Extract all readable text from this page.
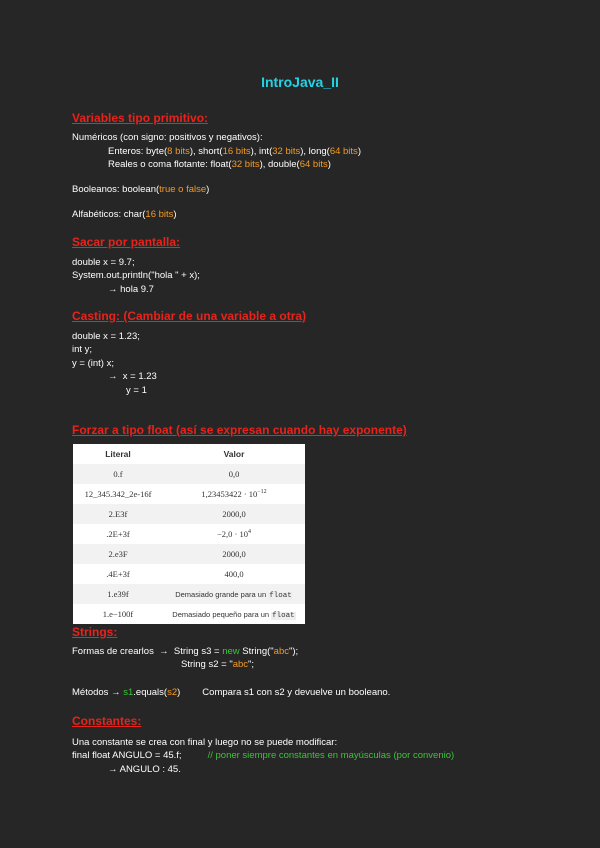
IntroJava_II
Variables tipo primitivo:
Numéricos (con signo: positivos y negativos):
Enteros: byte(8 bits), short(16 bits), int(32 bits), long(64 bits)
Reales o coma flotante: float(32 bits), double(64 bits)
Booleanos: boolean(true o false)
Alfabéticos: char(16 bits)
Sacar por pantalla:
double x = 9.7;
System.out.println("hola " + x);
→ hola 9.7
Casting: (Cambiar de una variable a otra)
double x = 1.23;
int y;
y = (int) x;
→  x = 1.23
y = 1
Forzar a tipo float (así se expresan cuando hay exponente)
Literal	Valor
0.f	0,0
12_345.342_2e-16f	$1,23453422 \cdot 10^{-12}$
2.E3f	2000,0
.2E+3f	$-2,0 \cdot 10^4$
2.e3F	2000,0
.4E+3f	400,0
1.e39f	Demasiado grande para un float
1.e−100f	Demasiado pequeño para un float
Strings:
Formas de crearlos  →  String s3 = new String("abc");
String s2 = "abc";
Métodos → s1.equals(s2) Compara s1 con s2 y devuelve un booleano.
Constantes:
Una constante se crea con final y luego no se puede modificar:
final float ANGULO = 45.f;	// poner siempre constantes en mayúsculas (por convenio)
→ ANGULO : 45.
